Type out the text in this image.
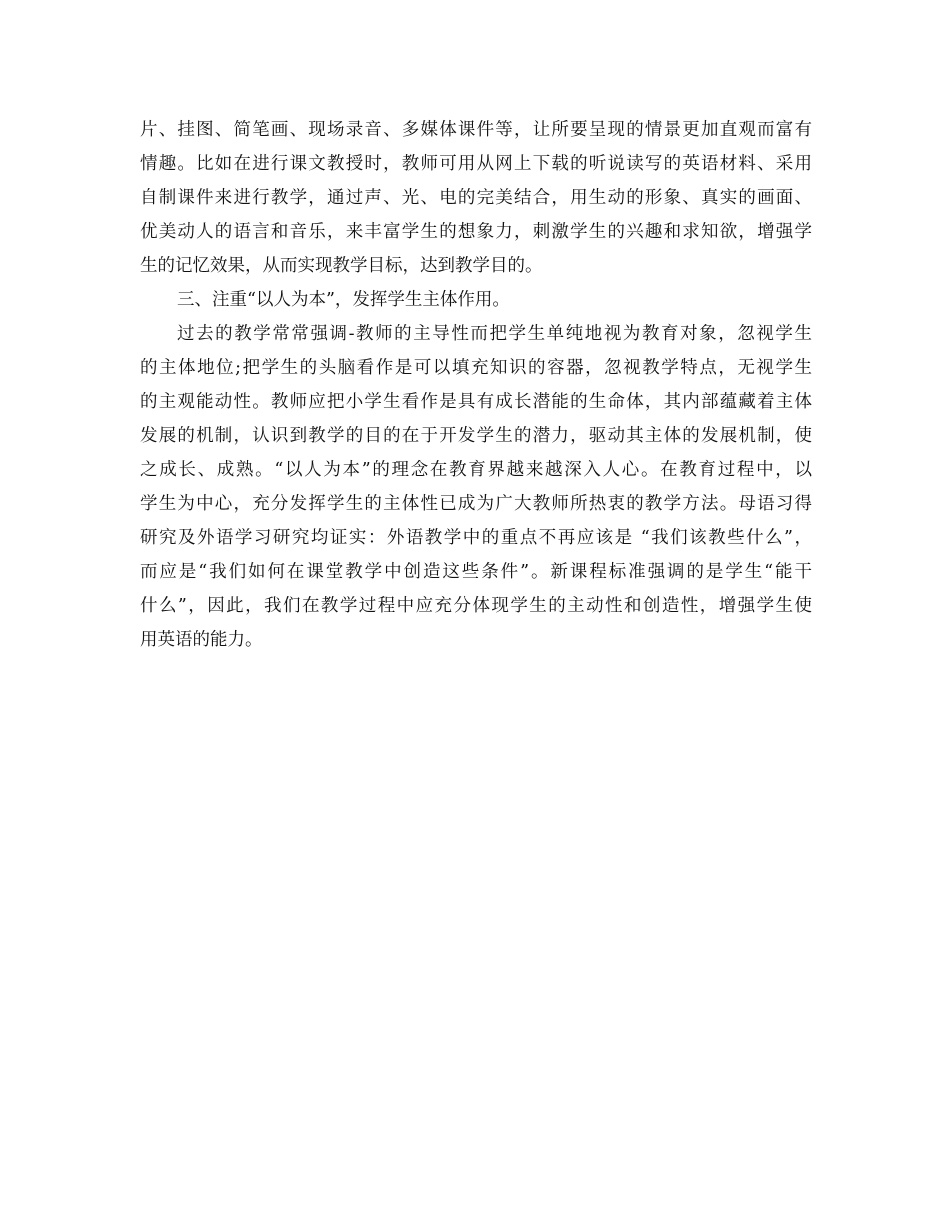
片、挂图、简笔画、现场录音、多媒体课件等，让所要呈现的情景更加直观而富有
情趣。比如在进行课文教授时，教师可用从网上下载的听说读写的英语材料、采用
自制课件来进行教学，通过声、光、电的完美结合，用生动的形象、真实的画面、
优美动人的语言和音乐，来丰富学生的想象力，刺激学生的兴趣和求知欲，增强学
生的记忆效果，从而实现教学目标，达到教学目的。
三、注重“以人为本”，发挥学生主体作用。
过去的教学常常强调-教师的主导性而把学生单纯地视为教育对象，忽视学生
的主体地位;把学生的头脑看作是可以填充知识的容器，忽视教学特点，无视学生
的主观能动性。教师应把小学生看作是具有成长潜能的生命体，其内部蕴藏着主体
发展的机制，认识到教学的目的在于开发学生的潜力，驱动其主体的发展机制，使
之成长、成熟。“以人为本”的理念在教育界越来越深入人心。在教育过程中，以
学生为中心，充分发挥学生的主体性已成为广大教师所热衷的教学方法。母语习得
研究及外语学习研究均证实：外语教学中的重点不再应该是 “我们该教些什么”，
而应是“我们如何在课堂教学中创造这些条件”。新课程标准强调的是学生“能干
什么”，因此，我们在教学过程中应充分体现学生的主动性和创造性，增强学生使
用英语的能力。
